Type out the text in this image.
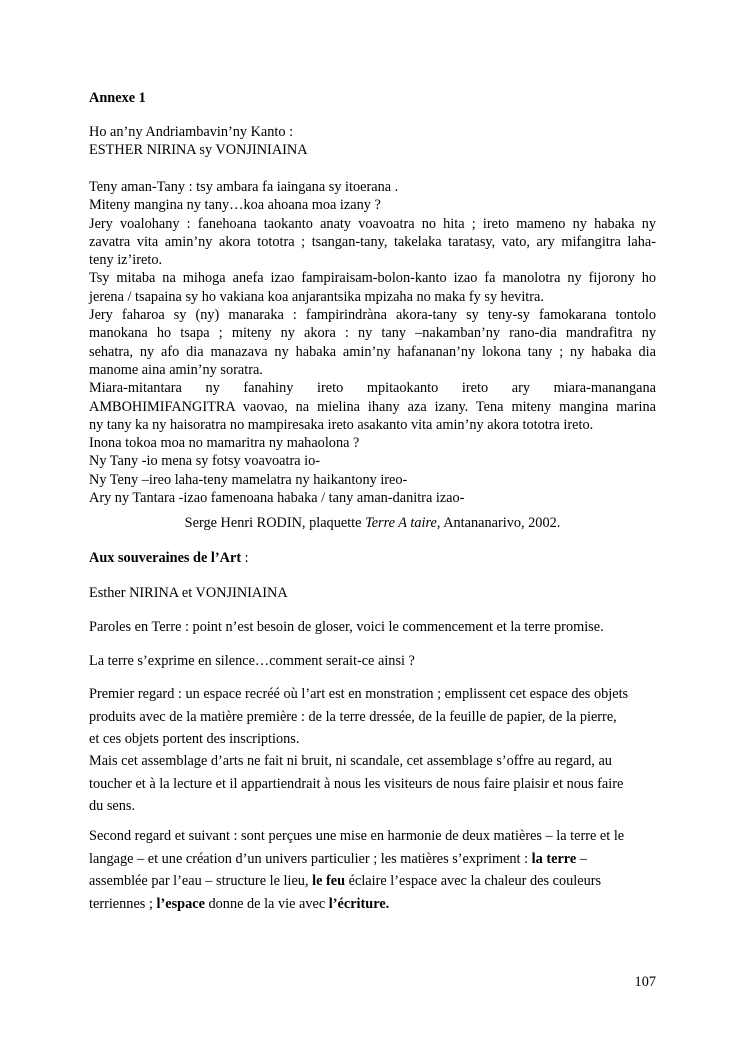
Annexe 1

Ho an’ny Andriambavin’ny Kanto :
ESTHER NIRINA sy VONJINIAINA
Teny aman-Tany : tsy ambara fa iaingana sy itoerana .
Miteny mangina ny tany…koa ahoana moa izany ?
Jery voalohany : fanehoana taokanto anaty voavoatra no hita ; ireto mameno ny habaka ny
zavatra vita amin’ny akora tototra ; tsangan-tany, takelaka taratasy, vato, ary mifangitra laha-
teny iz’ireto.
Tsy mitaba na mihoga anefa izao fampiraisam-bolon-kanto izao fa manolotra ny fijorony ho
jerena / tsapaina sy ho vakiana koa anjarantsika mpizaha no maka fy sy hevitra.
Jery faharoa sy (ny) manaraka : fampirindràna akora-tany sy teny-sy famokarana tontolo
manokana ho tsapa ; miteny ny akora : ny tany –nakamban’ny rano-dia mandrafitra ny
sehatra, ny afo dia manazava ny habaka amin’ny hafananan’ny lokona tany ; ny habaka dia
manome aina amin’ny soratra.
Miara-mitantara ny fanahiny ireto mpitaokanto ireto ary miara-manangana
AMBOHIMIFANGITRA vaovao, na mielina ihany aza izany. Tena miteny mangina marina
ny tany ka ny haisoratra no mampiresaka ireto asakanto vita amin’ny akora tototra ireto.
Inona tokoa moa no mamaritra ny mahaolona ?
Ny Tany -io mena sy fotsy voavoatra io-
Ny Teny –ireo laha-teny mamelatra ny haikantony ireo-
Ary ny Tantara -izao famenoana habaka / tany aman-danitra izao-

Serge Henri RODIN, plaquette Terre A taire, Antananarivo, 2002.

Aux souveraines de l’Art :

Esther NIRINA et VONJINIAINA

Paroles en Terre : point n’est besoin de gloser, voici le commencement et la terre promise.

La terre s’exprime en silence…comment serait-ce ainsi ?

Premier regard : un espace recréé où l’art est en monstration ; emplissent cet espace des objets
produits avec de la matière première : de la terre dressée, de la feuille de papier, de la pierre,
et ces objets portent des inscriptions.

Mais cet assemblage d’arts ne fait ni bruit, ni scandale, cet assemblage s’offre au regard, au
toucher et à la lecture et il appartiendrait à nous les visiteurs de nous faire plaisir et nous faire
du sens.

Second regard et suivant : sont perçues une mise en harmonie de deux matières – la terre et le
langage – et une création d’un univers particulier ; les matières s’expriment : la terre –
assemblée par l’eau – structure le lieu, le feu éclaire l’espace avec la chaleur des couleurs
terriennes ; l’espace donne de la vie avec l’écriture.

107
